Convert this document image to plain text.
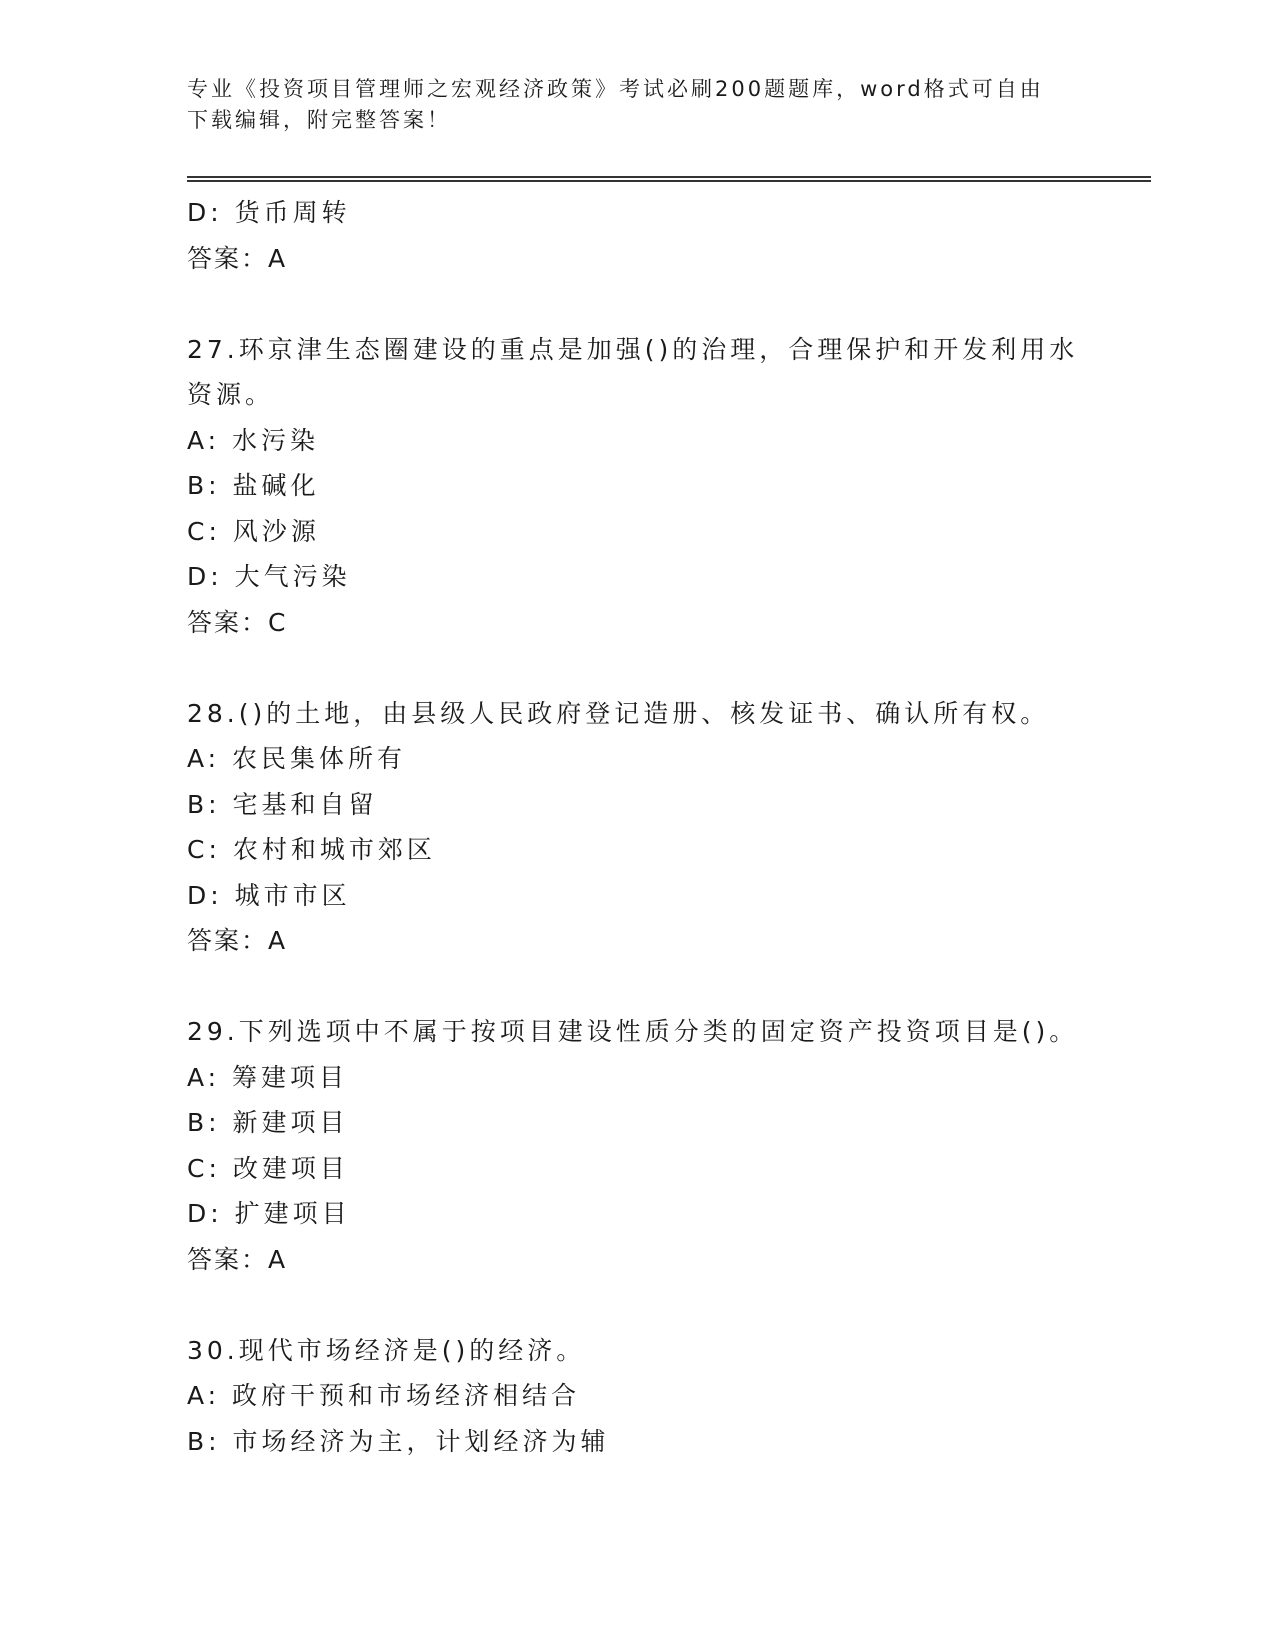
专业《投资项目管理师之宏观经济政策》考试必刷200题题库，word格式可自由
下载编辑，附完整答案！
D: 货币周转
答案：A
27.环京津生态圈建设的重点是加强()的治理，合理保护和开发利用水
资源。
A: 水污染
B: 盐碱化
C: 风沙源
D: 大气污染
答案：C
28.()的土地，由县级人民政府登记造册、核发证书、确认所有权。
A: 农民集体所有
B: 宅基和自留
C: 农村和城市郊区
D: 城市市区
答案：A
29.下列选项中不属于按项目建设性质分类的固定资产投资项目是()。
A: 筹建项目
B: 新建项目
C: 改建项目
D: 扩建项目
答案：A
30.现代市场经济是()的经济。
A: 政府干预和市场经济相结合
B: 市场经济为主，计划经济为辅
